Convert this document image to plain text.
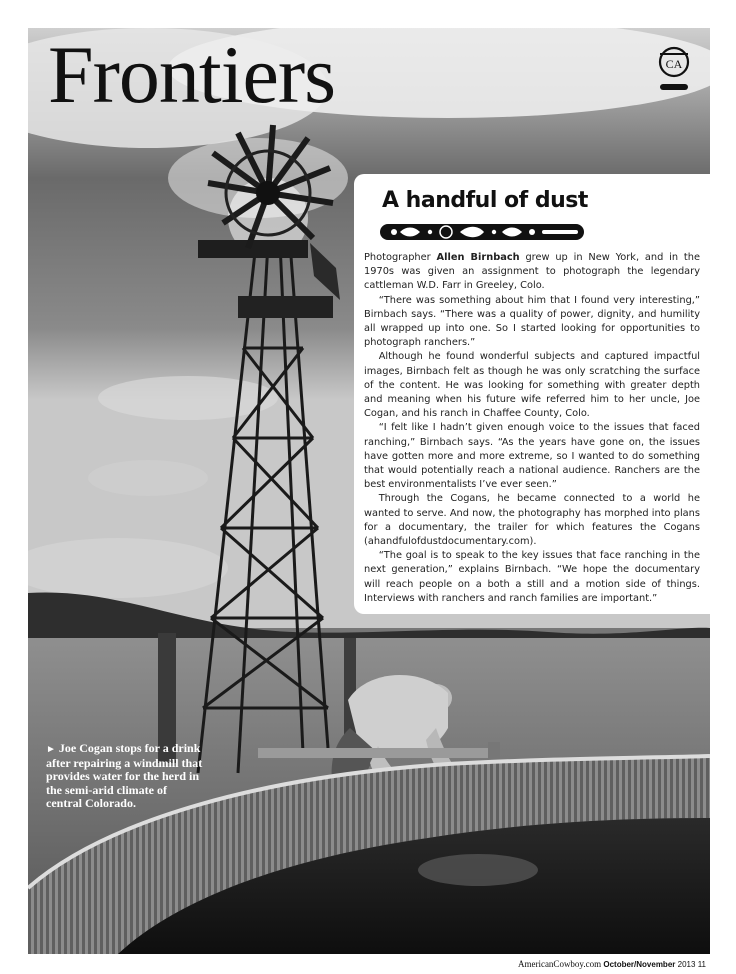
Frontiers	CA
A handful of dust

Photographer Allen Birnbach grew up in New York, and in the 1970s was given an assignment to photograph the legendary cattleman W.D. Farr in Greeley, Colo.

“There was something about him that I found very interesting,” Birnbach says. “There was a quality of power, dignity, and humility all wrapped up into one. So I started looking for opportunities to photograph ranchers.”

Although he found wonderful subjects and captured impactful images, Birnbach felt as though he was only scratching the surface of the content. He was looking for something with greater depth and meaning when his future wife referred him to her uncle, Joe Cogan, and his ranch in Chaffee County, Colo.

“I felt like I hadn’t given enough voice to the issues that faced ranching,” Birnbach says. “As the years have gone on, the issues have gotten more and more extreme, so I wanted to do something that would potentially reach a national audience. Ranchers are the best environmentalists I’ve ever seen.”

Through the Cogans, he became connected to a world he wanted to serve. And now, the photography has morphed into plans for a documentary, the trailer for which features the Cogans (ahandfulofdustdocumentary.com).

“The goal is to speak to the key issues that face ranching in the next generation,” explains Birnbach. “We hope the documentary will reach people on a both a still and a motion side of things. Interviews with ranchers and ranch families are important.”

► Joe Cogan stops for a drink after repairing a windmill that provides water for the herd in the semi-arid climate of central Colorado.
AmericanCowboy.com October/November 2013 11
